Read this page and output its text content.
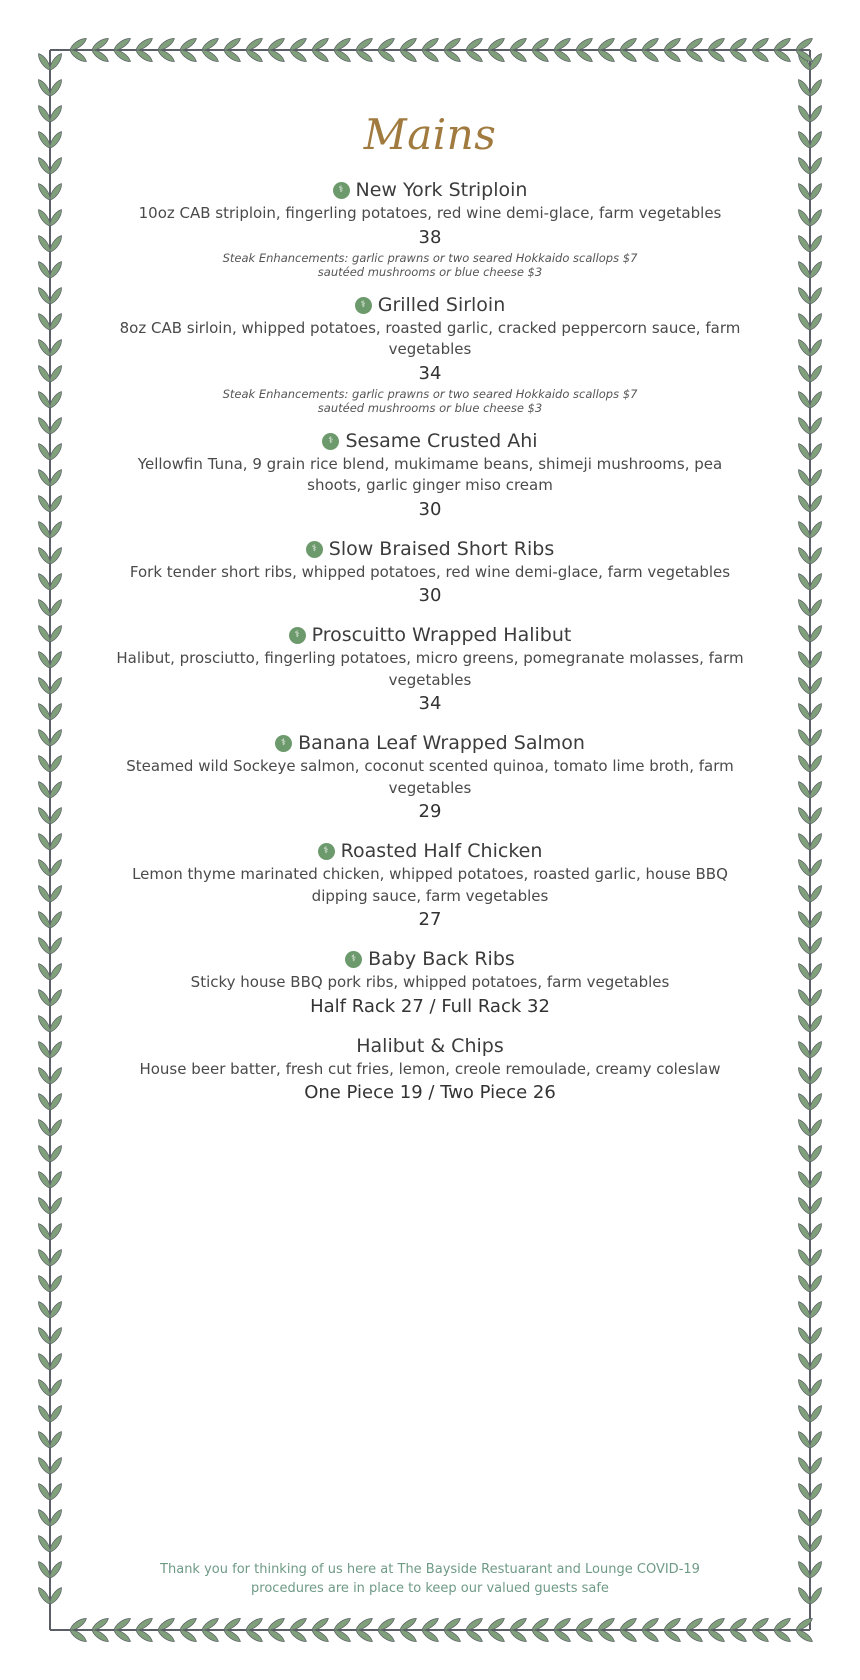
Mains
⚕ New York Striploin
10oz CAB striploin, fingerling potatoes, red wine demi-glace, farm vegetables
38
Steak Enhancements: garlic prawns or two seared Hokkaido scallops $7
sautéed mushrooms or blue cheese $3
⚕ Grilled Sirloin
8oz CAB sirloin, whipped potatoes, roasted garlic, cracked peppercorn sauce, farm vegetables
34
Steak Enhancements: garlic prawns or two seared Hokkaido scallops $7
sautéed mushrooms or blue cheese $3
⚕ Sesame Crusted Ahi
Yellowfin Tuna, 9 grain rice blend, mukimame beans, shimeji mushrooms, pea shoots, garlic ginger miso cream
30
⚕ Slow Braised Short Ribs
Fork tender short ribs, whipped potatoes, red wine demi-glace, farm vegetables
30
⚕ Proscuitto Wrapped Halibut
Halibut, prosciutto, fingerling potatoes, micro greens, pomegranate molasses, farm vegetables
34
⚕ Banana Leaf Wrapped Salmon
Steamed wild Sockeye salmon, coconut scented quinoa, tomato lime broth, farm vegetables
29
⚕ Roasted Half Chicken
Lemon thyme marinated chicken, whipped potatoes, roasted garlic, house BBQ dipping sauce, farm vegetables
27
⚕ Baby Back Ribs
Sticky house BBQ pork ribs, whipped potatoes, farm vegetables
Half Rack 27 / Full Rack 32
Halibut & Chips
House beer batter, fresh cut fries, lemon, creole remoulade, creamy coleslaw
One Piece 19 / Two Piece 26
Thank you for thinking of us here at The Bayside Restuarant and Lounge COVID-19
procedures are in place to keep our valued guests safe
